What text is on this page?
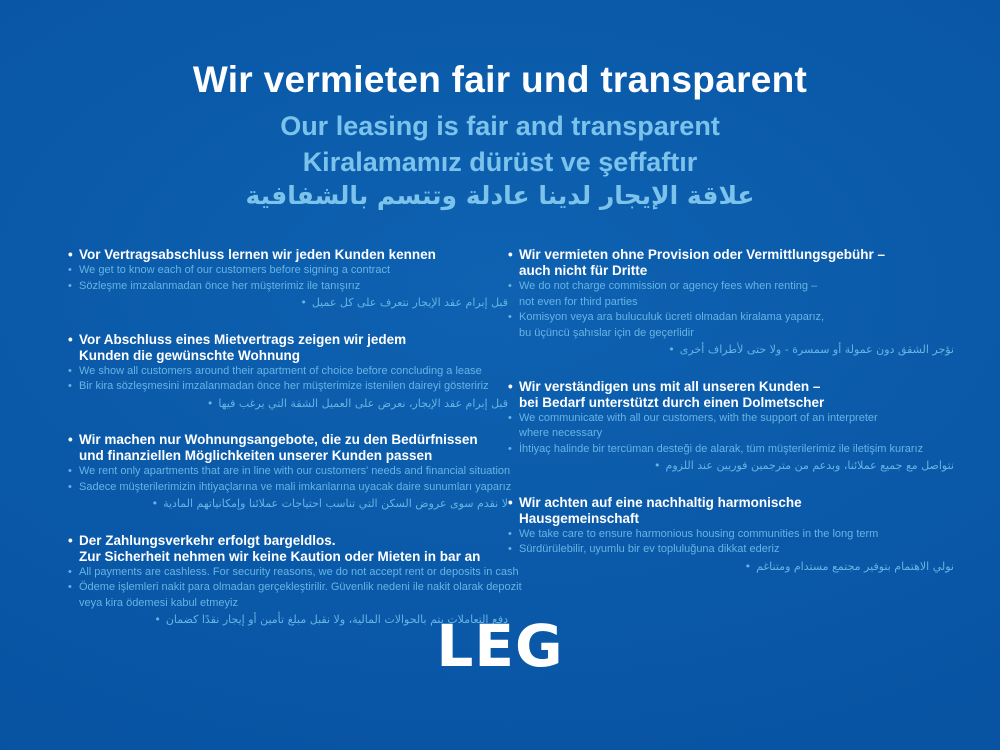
Wir vermieten fair und transparent
Our leasing is fair and transparent
Kiralamamız dürüst ve şeffaftır
علاقة الإيجار لدينا عادلة وتتسم بالشفافية
• Vor Vertragsabschluss lernen wir jeden Kunden kennen
• We get to know each of our customers before signing a contract
• Sözleşme imzalanmadan önce her müşterimiz ile tanışırız
• قبل إبرام عقد الإيجار نتعرف على كل عميل
• Vor Abschluss eines Mietvertrags zeigen wir jedem
Kunden die gewünschte Wohnung
• We show all customers around their apartment of choice before concluding a lease
• Bir kira sözleşmesini imzalanmadan önce her müşterimize istenilen daireyi gösteririz
• قبل إبرام عقد الإيجار، نعرض على العميل الشقة التي يرغب فيها
• Wir machen nur Wohnungsangebote, die zu den Bedürfnissen
und finanziellen Möglichkeiten unserer Kunden passen
• We rent only apartments that are in line with our customers' needs and financial situation
• Sadece müşterilerimizin ihtiyaçlarına ve mali imkanlarına uyacak daire sunumları yaparız
• لا نقدم سوى عروض السكن التي تناسب احتياجات عملائنا وإمكانياتهم المادية
• Der Zahlungsverkehr erfolgt bargeldlos.
Zur Sicherheit nehmen wir keine Kaution oder Mieten in bar an
• All payments are cashless. For security reasons, we do not accept rent or deposits in cash
• Ödeme işlemleri nakit para olmadan gerçekleştirilir. Güvenlik nedeni ile nakit olarak depozit
veya kira ödemesi kabul etmeyiz
• دفع التعاملات يتم بالحوالات المالية، ولا نقبل مبلغ تأمين أو إيجار نقدًا كضمان
• Wir vermieten ohne Provision oder Vermittlungsgebühr –
auch nicht für Dritte
• We do not charge commission or agency fees when renting –
not even for third parties
• Komisyon veya ara buluculuk ücreti olmadan kiralama yaparız,
bu üçüncü şahıslar için de geçerlidir
• نؤجر الشقق دون عمولة أو سمسرة - ولا حتى لأطراف أخرى
• Wir verständigen uns mit all unseren Kunden –
bei Bedarf unterstützt durch einen Dolmetscher
• We communicate with all our customers, with the support of an interpreter
where necessary
• İhtiyaç halinde bir tercüman desteği de alarak, tüm müşterilerimiz ile iletişim kurarız
• نتواصل مع جميع عملائنا، وبدعم من مترجمين فوريين عند اللزوم
• Wir achten auf eine nachhaltig harmonische
Hausgemeinschaft
• We take care to ensure harmonious housing communities in the long term
• Sürdürülebilir, uyumlu bir ev topluluğuna dikkat ederiz
• نولي الاهتمام بتوفير مجتمع مستدام ومتناغم
LEG
